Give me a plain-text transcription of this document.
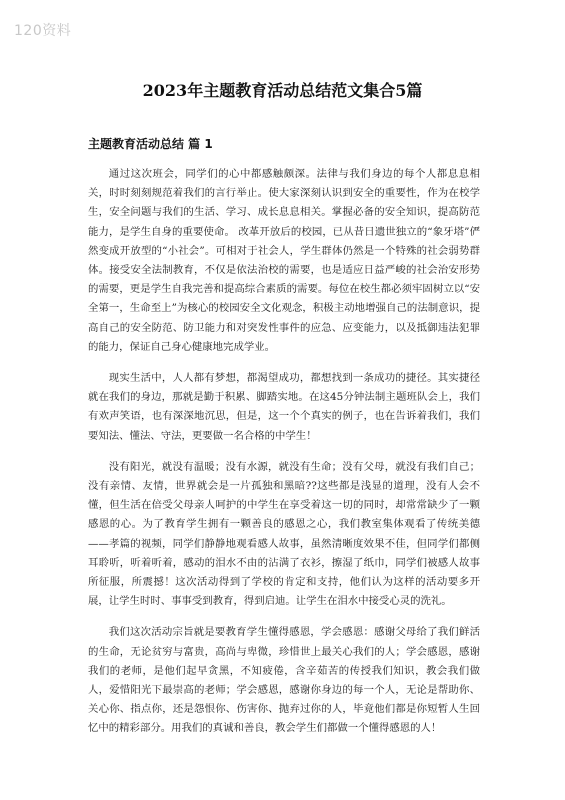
120资料
2023年主题教育活动总结范文集合5篇
主题教育活动总结 篇 1

通过这次班会，同学们的心中都感触颇深。法律与我们身边的每个人都息息相关，时时刻刻规范着我们的言行举止。使大家深刻认识到安全的重要性，作为在校学生，安全问题与我们的生活、学习、成长息息相关。掌握必备的安全知识，提高防范能力，是学生自身的重要使命。 改革开放后的校园，已从昔日遗世独立的“象牙塔”俨然变成开放型的“小社会”。可相对于社会人，学生群体仍然是一个特殊的社会弱势群体。接受安全法制教育，不仅是依法治校的需要，也是适应日益严峻的社会治安形势的需要，更是学生自我完善和提高综合素质的需要。每位在校生都必须牢固树立以“安全第一，生命至上”为核心的校园安全文化观念，积极主动地增强自己的法制意识，提高自己的安全防范、防卫能力和对突发性事件的应急、应变能力，以及抵御违法犯罪的能力，保证自己身心健康地完成学业。

现实生活中，人人都有梦想，都渴望成功，都想找到一条成功的捷径。其实捷径就在我们的身边，那就是勤于积累、脚踏实地。在这45分钟法制主题班队会上，我们有欢声笑语，也有深深地沉思，但是，这一个个真实的例子，也在告诉着我们，我们要知法、懂法、守法，更要做一名合格的中学生！

没有阳光，就没有温暖；没有水源，就没有生命；没有父母，就没有我们自己；没有亲情、友情，世界就会是一片孤独和黑暗??这些都是浅显的道理，没有人会不懂，但生活在倍受父母亲人呵护的中学生在享受着这一切的同时，却常常缺少了一颗感恩的心。为了教育学生拥有一颗善良的感恩之心，我们教室集体观看了传统美德——孝篇的视频，同学们静静地观看感人故事，虽然清晰度效果不佳，但同学们都侧耳聆听，听着听着，感动的泪水不由的沾满了衣衫，擦湿了纸巾，同学们被感人故事所征服，所震撼！这次活动得到了学校的肯定和支持，他们认为这样的活动要多开展，让学生时时、事事受到教育，得到启迪。让学生在泪水中接受心灵的洗礼。

我们这次活动宗旨就是要教育学生懂得感恩，学会感恩：感谢父母给了我们鲜活的生命，无论贫穷与富贵，高尚与卑微，珍惜世上最关心我们的人；学会感恩，感谢我们的老师，是他们起早贪黑，不知疲倦，含辛茹苦的传授我们知识，教会我们做人，爱惜阳光下最崇高的老师；学会感恩，感谢你身边的每一个人，无论是帮助你、关心你、指点你，还是怨恨你、伤害你、抛弃过你的人，毕竟他们都是你短暂人生回忆中的精彩部分。用我们的真诚和善良，教会学生们都做一个懂得感恩的人！
